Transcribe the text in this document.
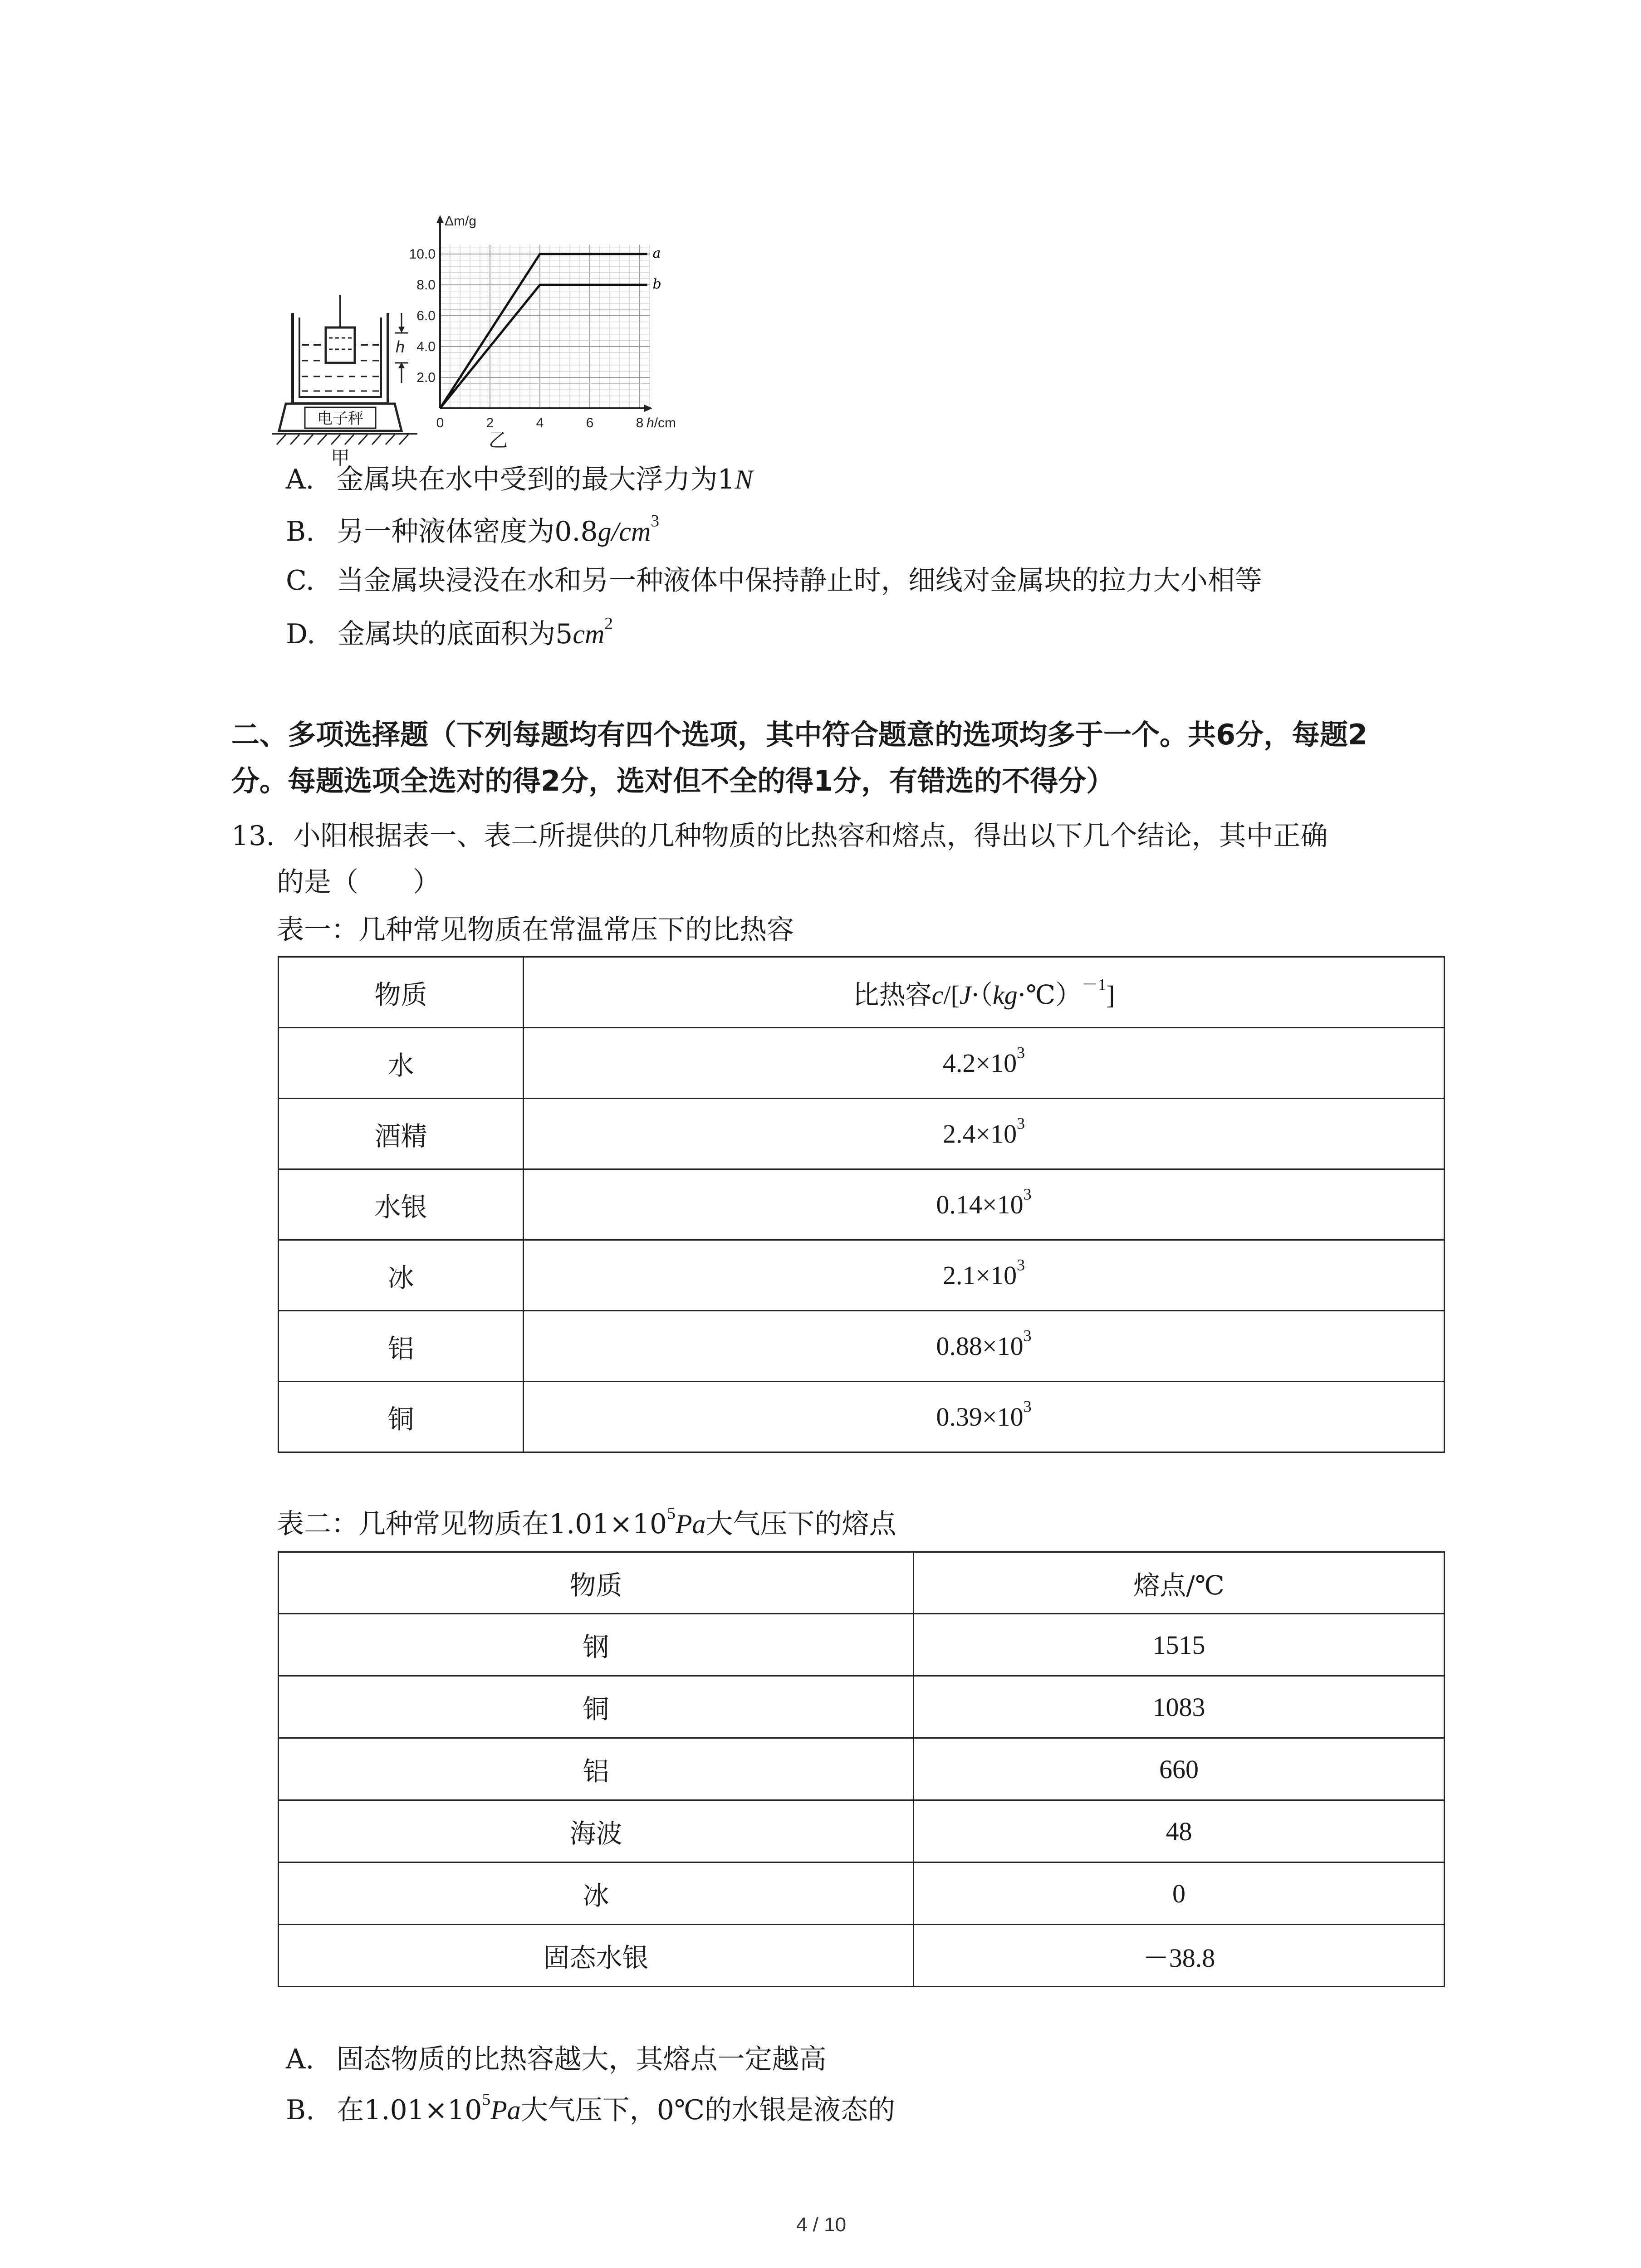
h
电子秤
甲
a
b
0	2	4	6	8
2.0
4.0
6.0
8.0
10.0
Δm/g
h/cm
乙
A. 金属块在水中受到的最大浮力为1N
B. 另一种液体密度为$0.8g/cm^3$
C. 当金属块浸没在水和另一种液体中保持静止时，细线对金属块的拉力大小相等
D. 金属块的底面积为$5cm^2$
二、多项选择题（下列每题均有四个选项，其中符合题意的选项均多于一个。共6分，每题2
分。每题选项全选对的得2分，选对但不全的得1分，有错选的不得分）
13. 小阳根据表一、表二所提供的几种物质的比热容和熔点，得出以下几个结论，其中正确
的是（　　）
表一：几种常见物质在常温常压下的比热容
物质	比热容c/[J·（kg·℃）$^{-1}$]
水	$4.2\times 10^3$
酒精	$2.4\times 10^3$
水银	$0.14\times 10^3$
冰	$2.1\times 10^3$
铝	$0.88\times 10^3$
铜	$0.39\times 10^3$
表二：几种常见物质在$1.01\times 10^5Pa$大气压下的熔点
物质	熔点/℃
钢	1515
铜	1083
铝	660
海波	48
冰	0
固态水银	－38.8
A. 固态物质的比热容越大，其熔点一定越高
B. 在$1.01\times 10^5Pa$大气压下，0℃的水银是液态的
4 / 10
